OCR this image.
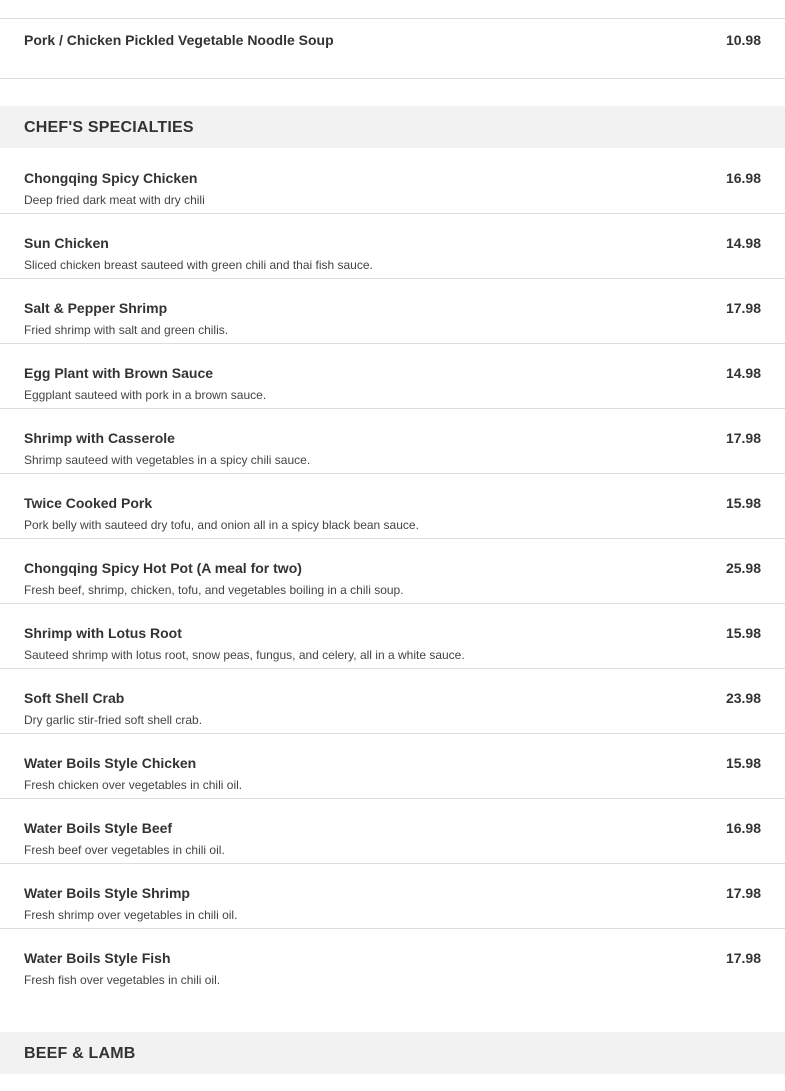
Pork / Chicken Pickled Vegetable Noodle Soup	10.98
CHEF'S SPECIALTIES
Chongqing Spicy Chicken
Deep fried dark meat with dry chili
16.98
Sun Chicken
Sliced chicken breast sauteed with green chili and thai fish sauce.
14.98
Salt & Pepper Shrimp
Fried shrimp with salt and green chilis.
17.98
Egg Plant with Brown Sauce
Eggplant sauteed with pork in a brown sauce.
14.98
Shrimp with Casserole
Shrimp sauteed with vegetables in a spicy chili sauce.
17.98
Twice Cooked Pork
Pork belly with sauteed dry tofu, and onion all in a spicy black bean sauce.
15.98
Chongqing Spicy Hot Pot (A meal for two)
Fresh beef, shrimp, chicken, tofu, and vegetables boiling in a chili soup.
25.98
Shrimp with Lotus Root
Sauteed shrimp with lotus root, snow peas, fungus, and celery, all in a white sauce.
15.98
Soft Shell Crab
Dry garlic stir-fried soft shell crab.
23.98
Water Boils Style Chicken
Fresh chicken over vegetables in chili oil.
15.98
Water Boils Style Beef
Fresh beef over vegetables in chili oil.
16.98
Water Boils Style Shrimp
Fresh shrimp over vegetables in chili oil.
17.98
Water Boils Style Fish
Fresh fish over vegetables in chili oil.
17.98
BEEF & LAMB
